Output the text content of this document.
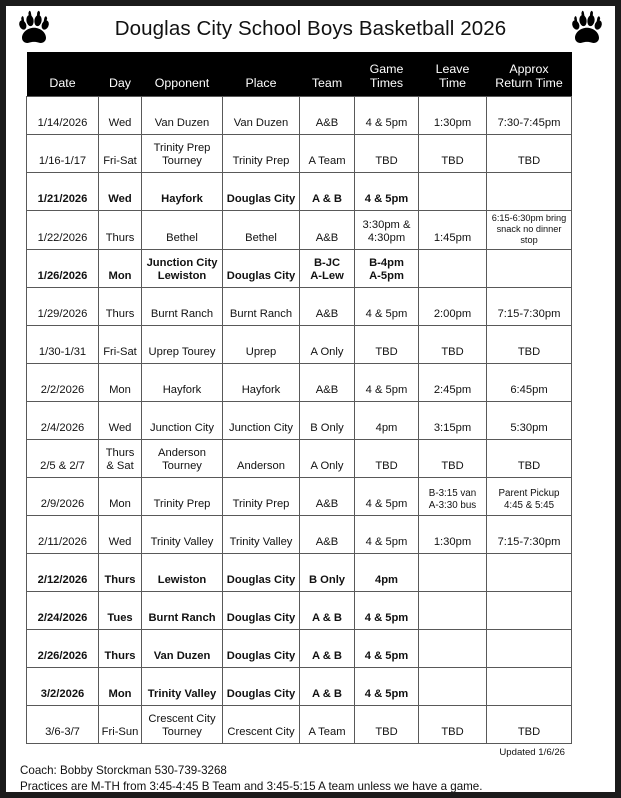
Douglas City School Boys Basketball 2026
Date	Day	Opponent	Place	Team	Game
Times	Leave
Time	Approx
Return Time

1/14/2026	Wed	Van Duzen	Van Duzen	A&B	4 & 5pm	1:30pm	7:30-7:45pm
1/16-1/17	Fri-Sat	Trinity Prep
Tourney	Trinity Prep	A Team	TBD	TBD	TBD
1/21/2026	Wed	Hayfork	Douglas City	A & B	4 & 5pm		
1/22/2026	Thurs	Bethel	Bethel	A&B	3:30pm &
4:30pm	1:45pm	6:15-6:30pm bring snack no dinner stop
1/26/2026	Mon	Junction City
Lewiston	Douglas City	B-JC
A-Lew	B-4pm
A-5pm		

1/29/2026	Thurs	Burnt Ranch	Burnt Ranch	A&B	4 & 5pm	2:00pm	7:15-7:30pm
1/30-1/31	Fri-Sat	Uprep Tourey	Uprep	A Only	TBD	TBD	TBD
2/2/2026	Mon	Hayfork	Hayfork	A&B	4 & 5pm	2:45pm	6:45pm
2/4/2026	Wed	Junction City	Junction City	B Only	4pm	3:15pm	5:30pm
2/5 & 2/7	Thurs
& Sat	Anderson
Tourney	Anderson	A Only	TBD	TBD	TBD
2/9/2026	Mon	Trinity Prep	Trinity Prep	A&B	4 & 5pm	B-3:15 van
A-3:30 bus	Parent Pickup
4:45 & 5:45

2/11/2026	Wed	Trinity Valley	Trinity Valley	A&B	4 & 5pm	1:30pm	7:15-7:30pm
2/12/2026	Thurs	Lewiston	Douglas City	B Only	4pm		
2/24/2026	Tues	Burnt Ranch	Douglas City	A & B	4 & 5pm		
2/26/2026	Thurs	Van Duzen	Douglas City	A & B	4 & 5pm		
3/2/2026	Mon	Trinity Valley	Douglas City	A & B	4 & 5pm		
3/6-3/7	Fri-Sun	Crescent City
Tourney	Crescent City	A Team	TBD	TBD	TBD
Updated 1/6/26
Coach: Bobby Storckman 530-739-3268
Practices are M-TH from 3:45-4:45 B Team and 3:45-5:15 A team unless we have a game.
